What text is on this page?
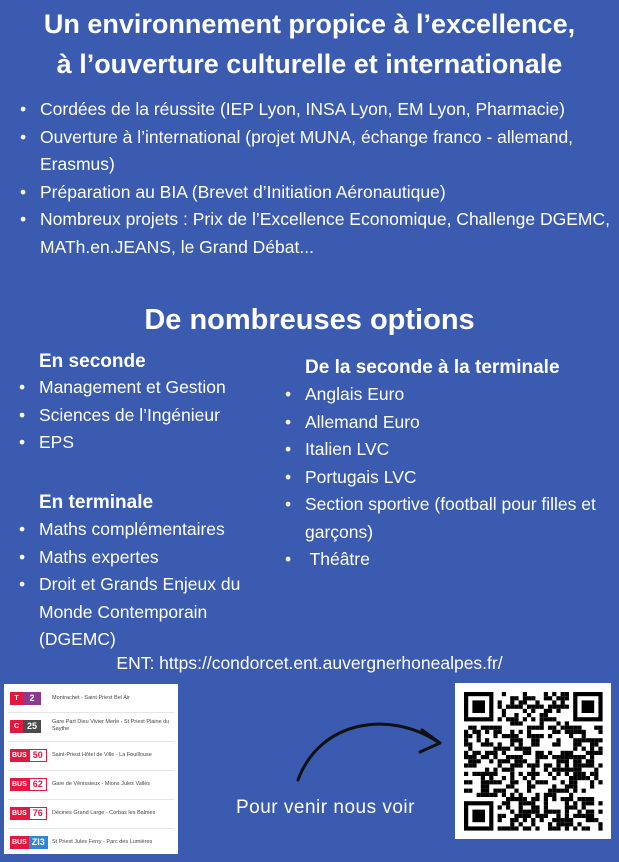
Un environnement propice à l’excellence,
à l’ouverture culturelle et internationale
• Cordées de la réussite (IEP Lyon, INSA Lyon, EM Lyon, Pharmacie)
• Ouverture à l’international (projet MUNA, échange franco - allemand, Erasmus)
• Préparation au BIA (Brevet d’Initiation Aéronautique)
• Nombreux projets : Prix de l’Excellence Economique, Challenge DGEMC, MATh.en.JEANS, le Grand Débat...
De nombreuses options
En seconde
• Management et Gestion
• Sciences de l’Ingénieur
• EPS
En terminale
• Maths complémentaires
• Maths expertes
• Droit et Grands Enjeux du Monde Contemporain (DGEMC)
De la seconde à la terminale
• Anglais Euro
• Allemand Euro
• Italien LVC
• Portugais LVC
• Section sportive (football pour filles et garçons)
•  Théâtre
ENT: https://condorcet.ent.auvergnerhonealpes.fr/
T	2	Montrachet - Saint Priest Bel Air
C 25	Gare Part Dieu Vivier Merle - St Priest Plaine du Saythe
BUS 50	Saint-Priest Hôtel de Ville - La Fouillouse
BUS 62	Gare de Vénissieux - Mions Jules Vallès
BUS 76	Décines Grand Large - Corbas les Balmes
BUS ZI3	St Priest Jules Ferry - Parc des Lumières
Pour venir nous voir
